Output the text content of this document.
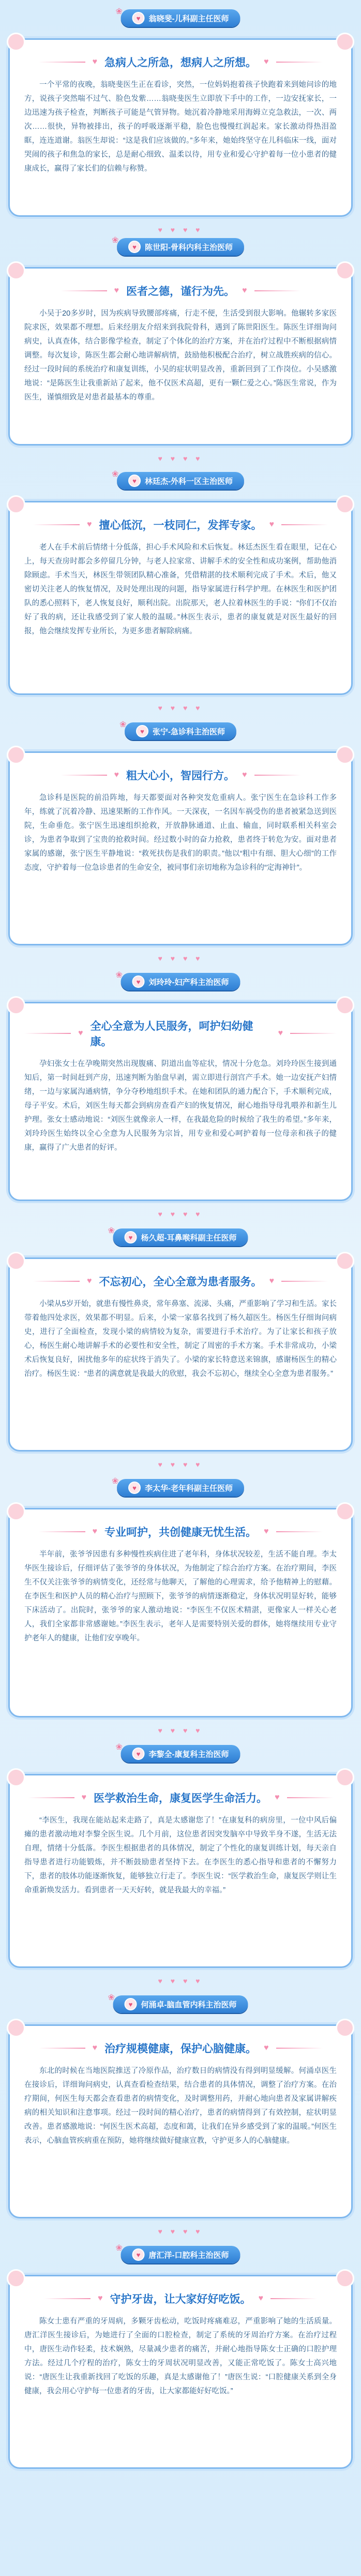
❀
♥	翁晓斐-儿科副主任医师
♥ 急病人之所急，想病人之所想。 ♥

一个平常的夜晚，翁晓斐医生正在看诊，突然，一位妈妈抱着孩子快跑着来到她问诊的地方，说孩子突然喘不过气、脸色发紫……翁晓斐医生立即放下手中的工作，一边安抚家长，一边迅速为孩子检查，判断孩子可能是气管异物。她沉着冷静地采用海姆立克急救法，一次、两次……很快，异物被排出，孩子的呼吸逐渐平稳，脸色也慢慢红润起来。家长激动得热泪盈眶，连连道谢。翁医生却说：“这是我们应该做的。”多年来，她始终坚守在儿科临床一线，面对哭闹的孩子和焦急的家长，总是耐心细致、温柔以待，用专业和爱心守护着每一位小患者的健康成长，赢得了家长们的信赖与称赞。

♥ ♥ ♥ ♥
❀
♥	陈世阳-骨科内科主治医师
♥ 医者之德，谨行为先。 ♥

小吴于20多岁时，因为疾病导致腰部疼痛，行走不便，生活受到很大影响。他辗转多家医院求医，效果都不理想。后来经朋友介绍来到我院骨科，遇到了陈世阳医生。陈医生详细询问病史，认真查体，结合影像学检查，制定了个体化的治疗方案，并在治疗过程中不断根据病情调整。每次复诊，陈医生都会耐心地讲解病情，鼓励他积极配合治疗，树立战胜疾病的信心。经过一段时间的系统治疗和康复训练，小吴的症状明显改善，重新回到了工作岗位。小吴感激地说：“是陈医生让我重新站了起来，他不仅医术高超，更有一颗仁爱之心。”陈医生常说，作为医生，谨慎细致是对患者最基本的尊重。

♥ ♥ ♥ ♥
❀
♥	林廷杰-外科一区主治医师
♥ 擅心低沉，一枝同仁，发挥专家。 ♥

老人在手术前后情绪十分低落，担心手术风险和术后恢复。林廷杰医生看在眼里，记在心上，每天查房时都会多停留几分钟，与老人拉家常、讲解手术的安全性和成功案例，帮助他消除顾虑。手术当天，林医生带领团队精心准备，凭借精湛的技术顺利完成了手术。术后，他又密切关注老人的恢复情况，及时处理出现的问题，指导家属进行科学护理。在林医生和医护团队的悉心照料下，老人恢复良好，顺利出院。出院那天，老人拉着林医生的手说：“你们不仅治好了我的病，还让我感受到了家人般的温暖。”林医生表示，患者的康复就是对医生最好的回报，他会继续发挥专业所长，为更多患者解除病痛。

♥ ♥ ♥ ♥
❀
♥	张宁-急诊科主治医师
♥ 粗大心小，智园行方。 ♥

急诊科是医院的前沿阵地，每天都要面对各种突发危重病人。张宁医生在急诊科工作多年，练就了沉着冷静、迅速果断的工作作风。一天深夜，一名因车祸受伤的患者被紧急送到医院，生命垂危。张宁医生迅速组织抢救，开放静脉通道、止血、输血，同时联系相关科室会诊，为患者争取到了宝贵的抢救时间。经过数小时的奋力抢救，患者终于转危为安。面对患者家属的感谢，张宁医生平静地说：“救死扶伤是我们的职责。”他以“粗中有细、胆大心细”的工作态度，守护着每一位急诊患者的生命安全，被同事们亲切地称为急诊科的“定海神针”。

♥ ♥ ♥ ♥
❀
♥	刘玲玲-妇产科主治医师
♥
全心全意为人民服务，呵护妇幼健康。
♥

孕妇张女士在孕晚期突然出现腹痛、阴道出血等症状，情况十分危急。刘玲玲医生接到通知后，第一时间赶到产房，迅速判断为胎盘早剥，需立即进行剖宫产手术。她一边安抚产妇情绪，一边与家属沟通病情，争分夺秒地组织手术。在她和团队的通力配合下，手术顺利完成，母子平安。术后，刘医生每天都会到病房查看产妇的恢复情况，耐心地指导母乳喂养和新生儿护理。张女士感动地说：“刘医生就像亲人一样，在我最危险的时候给了我生的希望。”多年来，刘玲玲医生始终以全心全意为人民服务为宗旨，用专业和爱心呵护着每一位母亲和孩子的健康，赢得了广大患者的好评。

♥ ♥ ♥ ♥
❀
♥	杨久超-耳鼻喉科副主任医师
♥ 不忘初心，全心全意为患者服务。 ♥

小梁从5岁开始，就患有慢性鼻炎，常年鼻塞、流涕、头痛，严重影响了学习和生活。家长带着他四处求医，效果都不明显。后来，小梁一家慕名找到了杨久超医生。杨医生仔细询问病史，进行了全面检查，发现小梁的病情较为复杂，需要进行手术治疗。为了让家长和孩子放心，杨医生耐心地讲解手术的必要性和安全性，制定了周密的手术方案。手术非常成功，小梁术后恢复良好，困扰他多年的症状终于消失了。小梁的家长特意送来锦旗，感谢杨医生的精心治疗。杨医生说：“患者的满意就是我最大的欣慰，我会不忘初心，继续全心全意为患者服务。”

♥ ♥ ♥ ♥
❀
♥	李太华-老年科副主任医师
♥ 专业呵护，共创健康无忧生活。 ♥

半年前，张爷爷因患有多种慢性疾病住进了老年科，身体状况较差，生活不能自理。李太华医生接诊后，仔细评估了张爷爷的身体状况，为他制定了综合治疗方案。在治疗期间，李医生不仅关注张爷爷的病情变化，还经常与他聊天，了解他的心理需求，给予他精神上的慰藉。在李医生和医护人员的精心治疗与照顾下，张爷爷的病情逐渐稳定，身体状况明显好转，能够下床活动了。出院时，张爷爷的家人激动地说：“李医生不仅医术精湛，更像家人一样关心老人，我们全家都非常感谢她。”李医生表示，老年人是需要特别关爱的群体，她将继续用专业守护老年人的健康，让他们安享晚年。

♥ ♥ ♥ ♥
❀
♥	李黎全-康复科主治医师
♥ 医学救治生命，康复医学生命活力。 ♥

“李医生，我现在能站起来走路了，真是太感谢您了！”在康复科的病房里，一位中风后偏瘫的患者激动地对李黎全医生说。几个月前，这位患者因突发脑卒中导致半身不遂，生活无法自理，情绪十分低落。李医生根据患者的具体情况，制定了个性化的康复训练计划，每天亲自指导患者进行功能锻炼，并不断鼓励患者坚持下去。在李医生的悉心指导和患者的不懈努力下，患者的肢体功能逐渐恢复，能够独立行走了。李医生说：“医学救治生命，康复医学则让生命重新焕发活力。看到患者一天天好转，就是我最大的幸福。”

♥ ♥ ♥ ♥
❀
♥	何涌卓-脑血管内科主治医师
♥ 治疗规模健康，保护心脑健康。 ♥

东北的时候在当地医院推送了冷原作品，治疗数日的病情没有得到明显缓解。何涌卓医生在接诊后，详细询问病史，认真查看检查结果，结合患者的具体情况，调整了治疗方案。在治疗期间，何医生每天都会查看患者的病情变化，及时调整用药，并耐心地向患者及家属讲解疾病的相关知识和注意事项。经过一段时间的精心治疗，患者的病情得到了有效控制，症状明显改善。患者感激地说：“何医生医术高超，态度和蔼，让我们在异乡感受到了家的温暖。”何医生表示，心脑血管疾病重在预防，她将继续做好健康宣教，守护更多人的心脑健康。

♥ ♥ ♥ ♥
❀
♥	唐汇洋-口腔科主治医师
♥ 守护牙齿，让大家好好吃饭。 ♥

陈女士患有严重的牙周病，多颗牙齿松动，吃饭时疼痛难忍，严重影响了她的生活质量。唐汇洋医生接诊后，为她进行了全面的口腔检查，制定了系统的牙周治疗方案。在治疗过程中，唐医生动作轻柔，技术娴熟，尽量减少患者的痛苦，并耐心地指导陈女士正确的口腔护理方法。经过几个疗程的治疗，陈女士的牙周状况明显改善，又能正常吃饭了。陈女士高兴地说：“唐医生让我重新找回了吃饭的乐趣，真是太感谢他了！”唐医生说：“口腔健康关系到全身健康，我会用心守护每一位患者的牙齿，让大家都能好好吃饭。”
